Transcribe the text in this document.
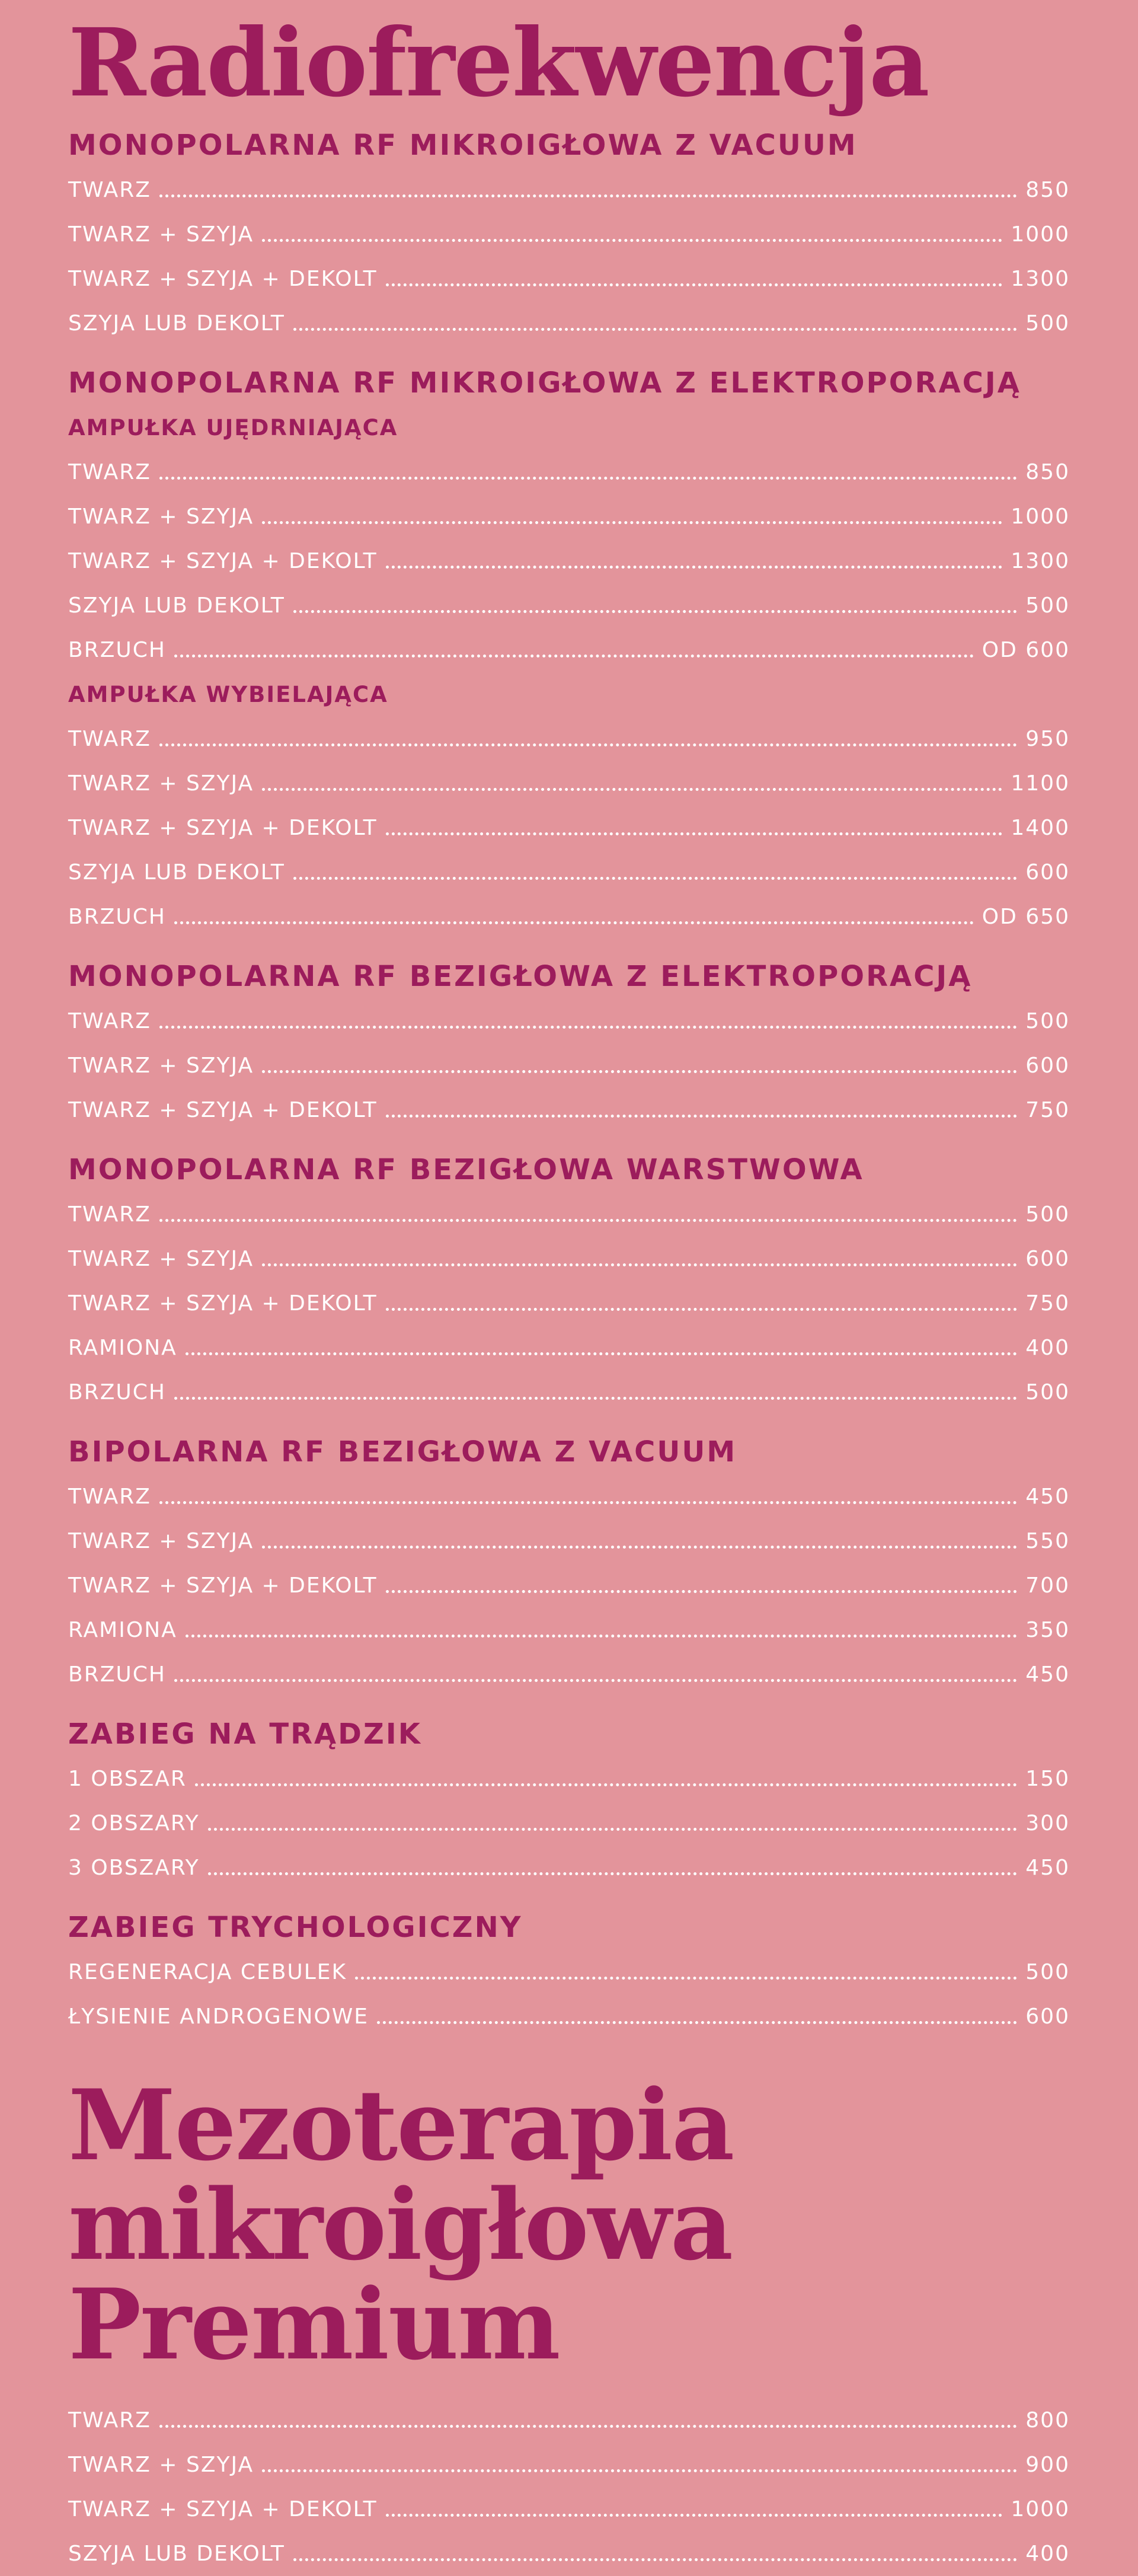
Radiofrekwencja
MONOPOLARNA RF MIKROIGŁOWA Z VACUUM
TWARZ	850
TWARZ + SZYJA	1000
TWARZ + SZYJA + DEKOLT	1300
SZYJA LUB DEKOLT	500
MONOPOLARNA RF MIKROIGŁOWA Z ELEKTROPORACJĄ
AMPUŁKA UJĘDRNIAJĄCA
TWARZ	850
TWARZ + SZYJA	1000
TWARZ + SZYJA + DEKOLT	1300
SZYJA LUB DEKOLT	500
BRZUCH	OD 600
AMPUŁKA WYBIELAJĄCA
TWARZ	950
TWARZ + SZYJA	1100
TWARZ + SZYJA + DEKOLT	1400
SZYJA LUB DEKOLT	600
BRZUCH	OD 650
MONOPOLARNA RF BEZIGŁOWA Z ELEKTROPORACJĄ
TWARZ	500
TWARZ + SZYJA	600
TWARZ + SZYJA + DEKOLT	750
MONOPOLARNA RF BEZIGŁOWA WARSTWOWA
TWARZ	500
TWARZ + SZYJA	600
TWARZ + SZYJA + DEKOLT	750
RAMIONA	400
BRZUCH	500
BIPOLARNA RF BEZIGŁOWA Z VACUUM
TWARZ	450
TWARZ + SZYJA	550
TWARZ + SZYJA + DEKOLT	700
RAMIONA	350
BRZUCH	450
ZABIEG NA TRĄDZIK
1 OBSZAR	150
2 OBSZARY	300
3 OBSZARY	450
ZABIEG TRYCHOLOGICZNY
REGENERACJA CEBULEK	500
ŁYSIENIE ANDROGENOWE	600
Mezoterapia
mikroigłowa Premium
TWARZ	800
TWARZ + SZYJA	900
TWARZ + SZYJA + DEKOLT	1000
SZYJA LUB DEKOLT	400
